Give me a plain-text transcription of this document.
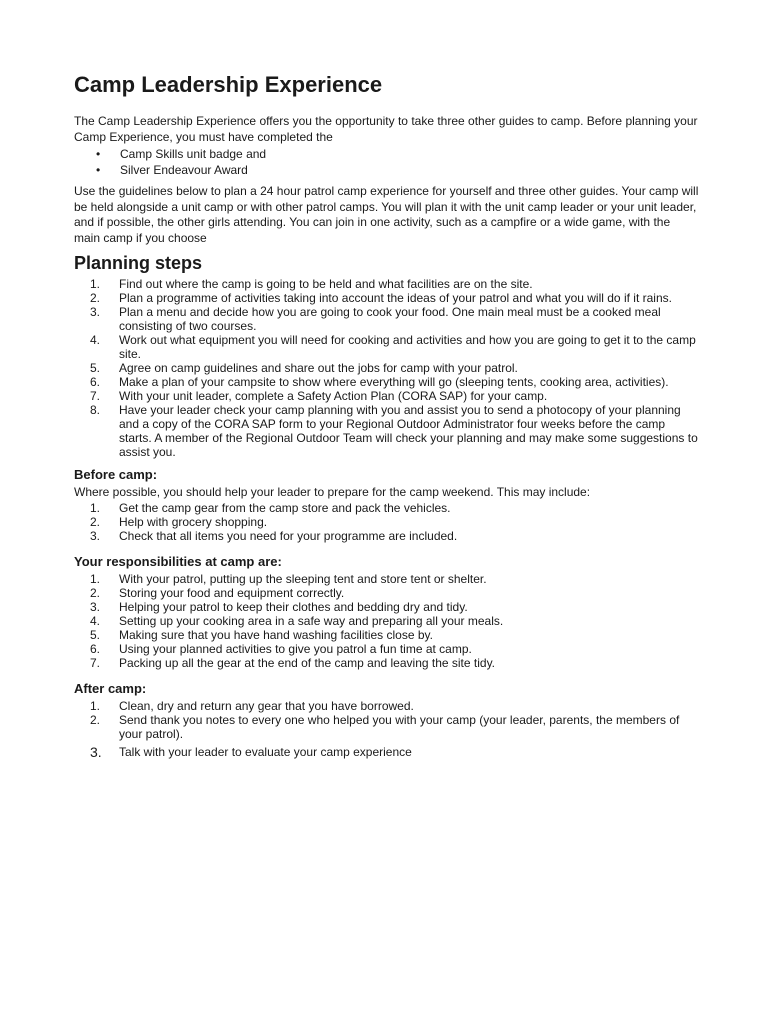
Camp Leadership Experience

The Camp Leadership Experience offers you the opportunity to take three other guides to camp. Before planning your Camp Experience, you must have completed the

•	Camp Skills unit badge and
•	Silver Endeavour Award

Use the guidelines below to plan a 24 hour patrol camp experience for yourself and three other guides. Your camp will be held alongside a unit camp or with other patrol camps. You will plan it with the unit camp leader or your unit leader, and if possible, the other girls attending. You can join in one activity, such as a campfire or a wide game, with the main camp if you choose

Planning steps
1.	Find out where the camp is going to be held and what facilities are on the site.
2.	Plan a programme of activities taking into account the ideas of your patrol and what you will do if it rains.
3.	Plan a menu and decide how you are going to cook your food. One main meal must be a cooked meal consisting of two courses.
4.	Work out what equipment you will need for cooking and activities and how you are going to get it to the camp site.
5.	Agree on camp guidelines and share out the jobs for camp with your patrol.
6.	Make a plan of your campsite to show where everything will go (sleeping tents, cooking area, activities).
7.	With your unit leader, complete a Safety Action Plan (CORA SAP) for your camp.
8.	Have your leader check your camp planning with you and assist you to send a photocopy of your planning and a copy of the CORA SAP form to your Regional Outdoor Administrator four weeks before the camp starts. A member of the Regional Outdoor Team will check your planning and may make some suggestions to assist you.
Before camp:

Where possible, you should help your leader to prepare for the camp weekend. This may include:

1.	Get the camp gear from the camp store and pack the vehicles.
2.	Help with grocery shopping.
3.	Check that all items you need for your programme are included.
Your responsibilities at camp are:
1.	With your patrol, putting up the sleeping tent and store tent or shelter.
2.	Storing your food and equipment correctly.
3.	Helping your patrol to keep their clothes and bedding dry and tidy.
4.	Setting up your cooking area in a safe way and preparing all your meals.
5.	Making sure that you have hand washing facilities close by.
6.	Using your planned activities to give you patrol a fun time at camp.
7.	Packing up all the gear at the end of the camp and leaving the site tidy.
After camp:
1.	Clean, dry and return any gear that you have borrowed.
2.	Send thank you notes to every one who helped you with your camp (your leader, parents, the members of your patrol).
3.	Talk with your leader to evaluate your camp experience
